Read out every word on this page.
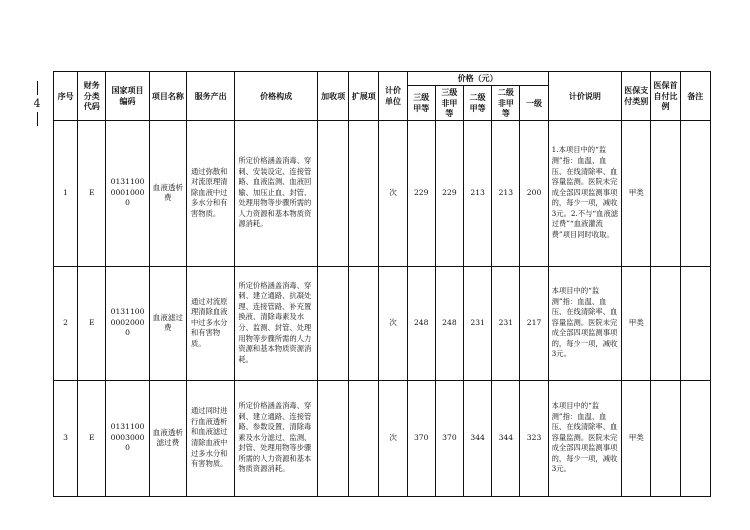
4
序号	财务分类代码	国家项目编码	项目名称	服务产出	价格构成	加收项	扩展项	计价单位	价格（元）					计价说明	医保支付类别	医保首自付比例	备注
									三级甲等	三级非甲等	二级甲等	二级非甲等	一级				
1	E	013110000010000	血液透析费	通过弥散和对流原理清除血液中过多水分和有害物质。	所定价格涵盖消毒、穿刺、安装设定、连接管路、血液监测、血液回输、加压止血、封管、处理用物等步骤所需的人力资源和基本物质资源消耗。			次	229	229	213	213	200	1.本项目中的“监测”指：血温、血压、在线清除率、血容量监测。医院未完成全部四项监测事项的，每少一项，减收3元。2.不与“血液滤过费”“血液灌流费”项目同时收取。	甲类		
2	E	013110000020000	血液滤过费	通过对流原理清除血液中过多水分和有害物质。	所定价格涵盖消毒、穿刺、建立通路、抗凝处理、连接管路、补充置换液、清除毒素及水分、监测、封管、处理用物等步骤所需的人力资源和基本物质资源消耗。			次	248	248	231	231	217	本项目中的“监测”指：血温、血压、在线清除率、血容量监测。医院未完成全部四项监测事项的，每少一项，减收3元。	甲类		
3	E	013110000030000	血液透析滤过费	通过同时进行血液透析和血液滤过清除血液中过多水分和有害物质。	所定价格涵盖消毒、穿刺、建立通路、连接管路、参数设置、清除毒素及水分滤过、监测、封管、处理用物等步骤所需的人力资源和基本物质资源消耗。			次	370	370	344	344	323	本项目中的“监测”指：血温、血压、在线清除率、血容量监测。医院未完成全部四项监测事项的，每少一项，减收3元。	甲类		
